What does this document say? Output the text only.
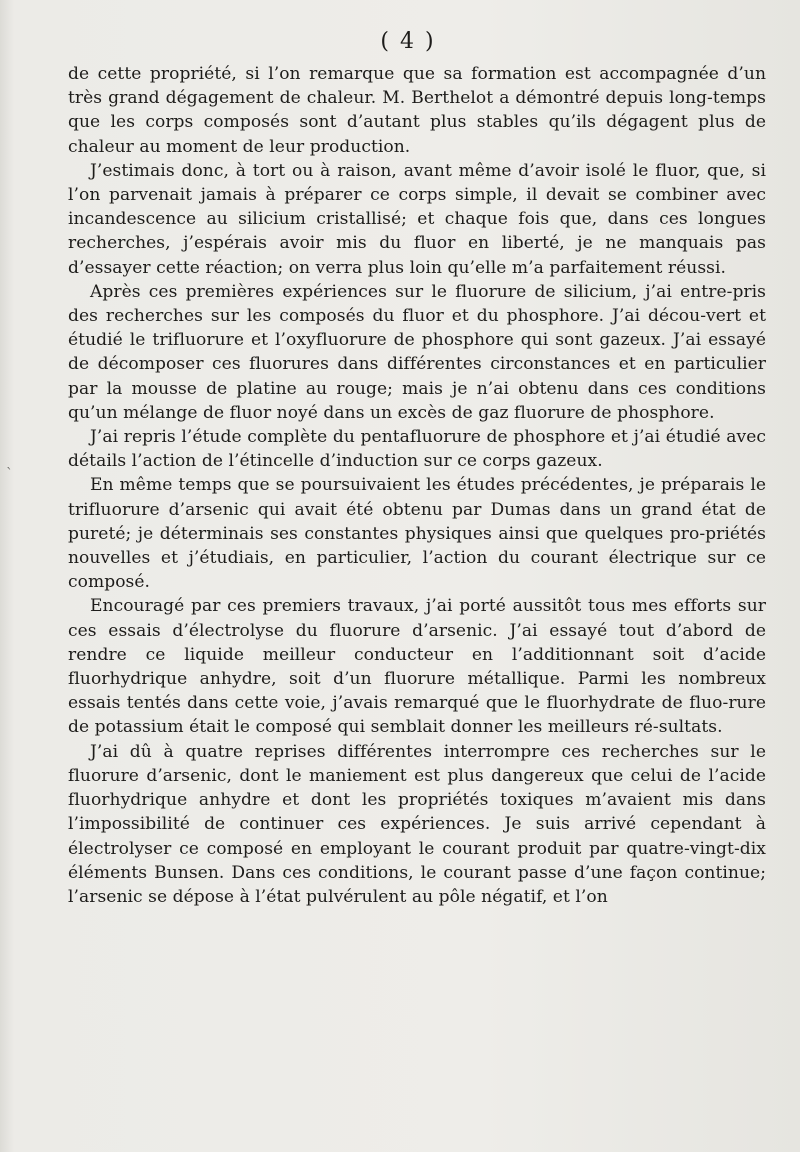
( 4 )

de cette propriété, si l’on remarque que sa formation est accompagnée d’un très grand dégagement de chaleur. M. Berthelot a démontré depuis long-temps que les corps composés sont d’autant plus stables qu’ils dégagent plus de chaleur au moment de leur production.

J’estimais donc, à tort ou à raison, avant même d’avoir isolé le fluor, que, si l’on parvenait jamais à préparer ce corps simple, il devait se combiner avec incandescence au silicium cristallisé; et chaque fois que, dans ces longues recherches, j’espérais avoir mis du fluor en liberté, je ne manquais pas d’essayer cette réaction; on verra plus loin qu’elle m’a parfaitement réussi.

Après ces premières expériences sur le fluorure de silicium, j’ai entre-pris des recherches sur les composés du fluor et du phosphore. J’ai décou-vert et étudié le trifluorure et l’oxyfluorure de phosphore qui sont gazeux. J’ai essayé de décomposer ces fluorures dans différentes circonstances et en particulier par la mousse de platine au rouge; mais je n’ai obtenu dans ces conditions qu’un mélange de fluor noyé dans un excès de gaz fluorure de phosphore.

J’ai repris l’étude complète du pentafluorure de phosphore et j’ai étudié avec détails l’action de l’étincelle d’induction sur ce corps gazeux.

En même temps que se poursuivaient les études précédentes, je préparais le trifluorure d’arsenic qui avait été obtenu par Dumas dans un grand état de pureté; je déterminais ses constantes physiques ainsi que quelques pro-priétés nouvelles et j’étudiais, en particulier, l’action du courant électrique sur ce composé.

Encouragé par ces premiers travaux, j’ai porté aussitôt tous mes efforts sur ces essais d’électrolyse du fluorure d’arsenic. J’ai essayé tout d’abord de rendre ce liquide meilleur conducteur en l’additionnant soit d’acide fluorhydrique anhydre, soit d’un fluorure métallique. Parmi les nombreux essais tentés dans cette voie, j’avais remarqué que le fluorhydrate de fluo-rure de potassium était le composé qui semblait donner les meilleurs ré-sultats.

J’ai dû à quatre reprises différentes interrompre ces recherches sur le fluorure d’arsenic, dont le maniement est plus dangereux que celui de l’acide fluorhydrique anhydre et dont les propriétés toxiques m’avaient mis dans l’impossibilité de continuer ces expériences. Je suis arrivé cependant à électrolyser ce composé en employant le courant produit par quatre-vingt-dix éléments Bunsen. Dans ces conditions, le courant passe d’une façon continue; l’arsenic se dépose à l’état pulvérulent au pôle négatif, et l’on

ˋ
